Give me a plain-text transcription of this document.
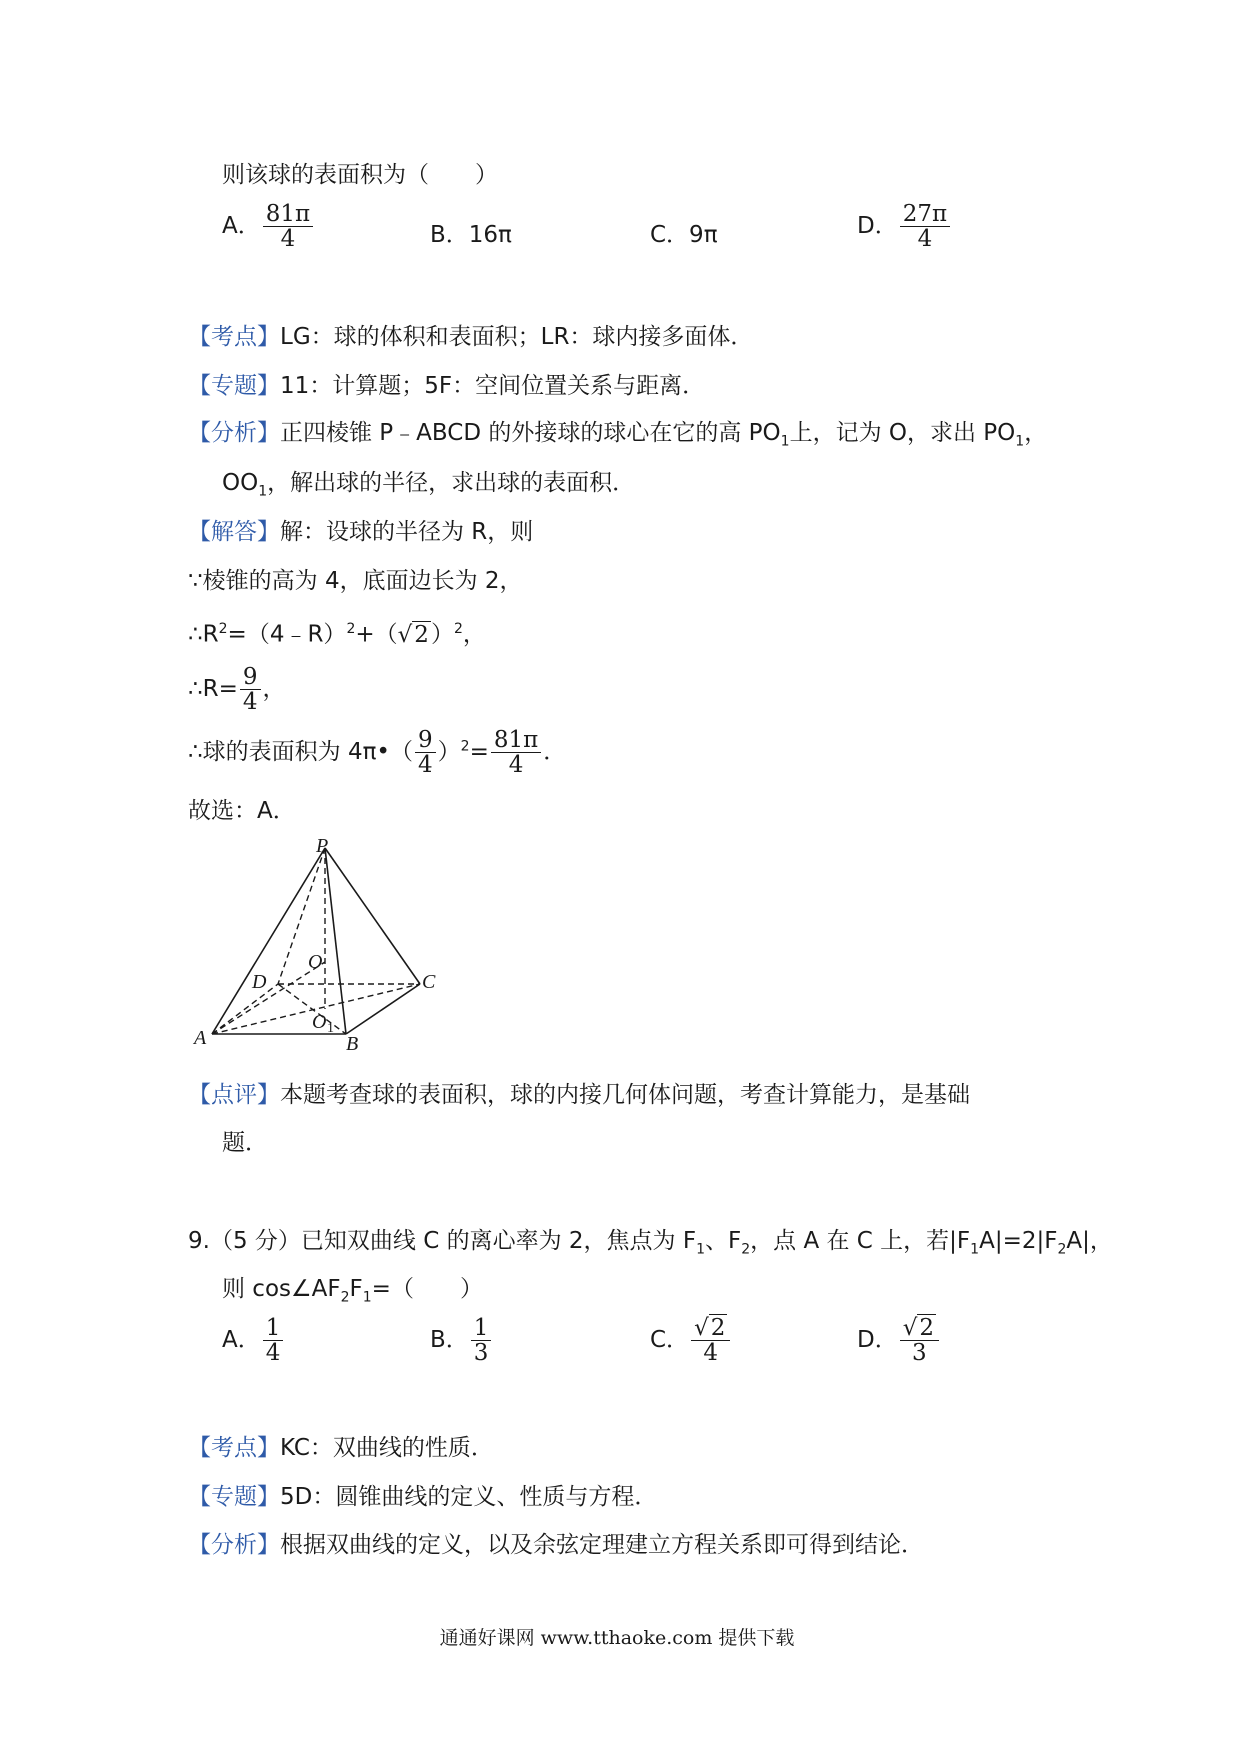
则该球的表面积为（　　）
A． $\frac{81\pi}{4}$	B．16π	C．9π	D． $\frac{27\pi}{4}$
【考点】LG：球的体积和表面积；LR：球内接多面体．
【专题】11：计算题；5F：空间位置关系与距离．
【分析】正四棱锥 P﹣ABCD 的外接球的球心在它的高 $PO_1$上，记为 O，求出 $PO_1$，
$OO_1$，解出球的半径，求出球的表面积．
【解答】解：设球的半径为 R，则
∵棱锥的高为 4，底面边长为 2，
$\therefore R^2=(4﹣R)^2+(√2)^2$，
∴R= $\frac{9}{4}$ ，
∴球的表面积为 4π•（ $\frac{9}{4} )^2= \frac{81\pi}{4}$ ．
故选：A．
P
O
D	C
O 1
A	B
【点评】本题考查球的表面积，球的内接几何体问题，考查计算能力，是基础
题．
9.（5 分）已知双曲线 C 的离心率为 2，焦点为 $F_1$、$F_2$，点 A 在 C 上，若$|F_1A|=2|F_2A|$，
则 $\cos\angle AF_2F_1=$（　　）
A． $\frac{1}{4}$	B． $\frac{1}{3}$	C． $\frac{√2}{4}$	D． $\frac{√2}{3}$
【考点】KC：双曲线的性质．
【专题】5D：圆锥曲线的定义、性质与方程．
【分析】根据双曲线的定义，以及余弦定理建立方程关系即可得到结论．
通通好课网 www.tthaoke.com 提供下载
